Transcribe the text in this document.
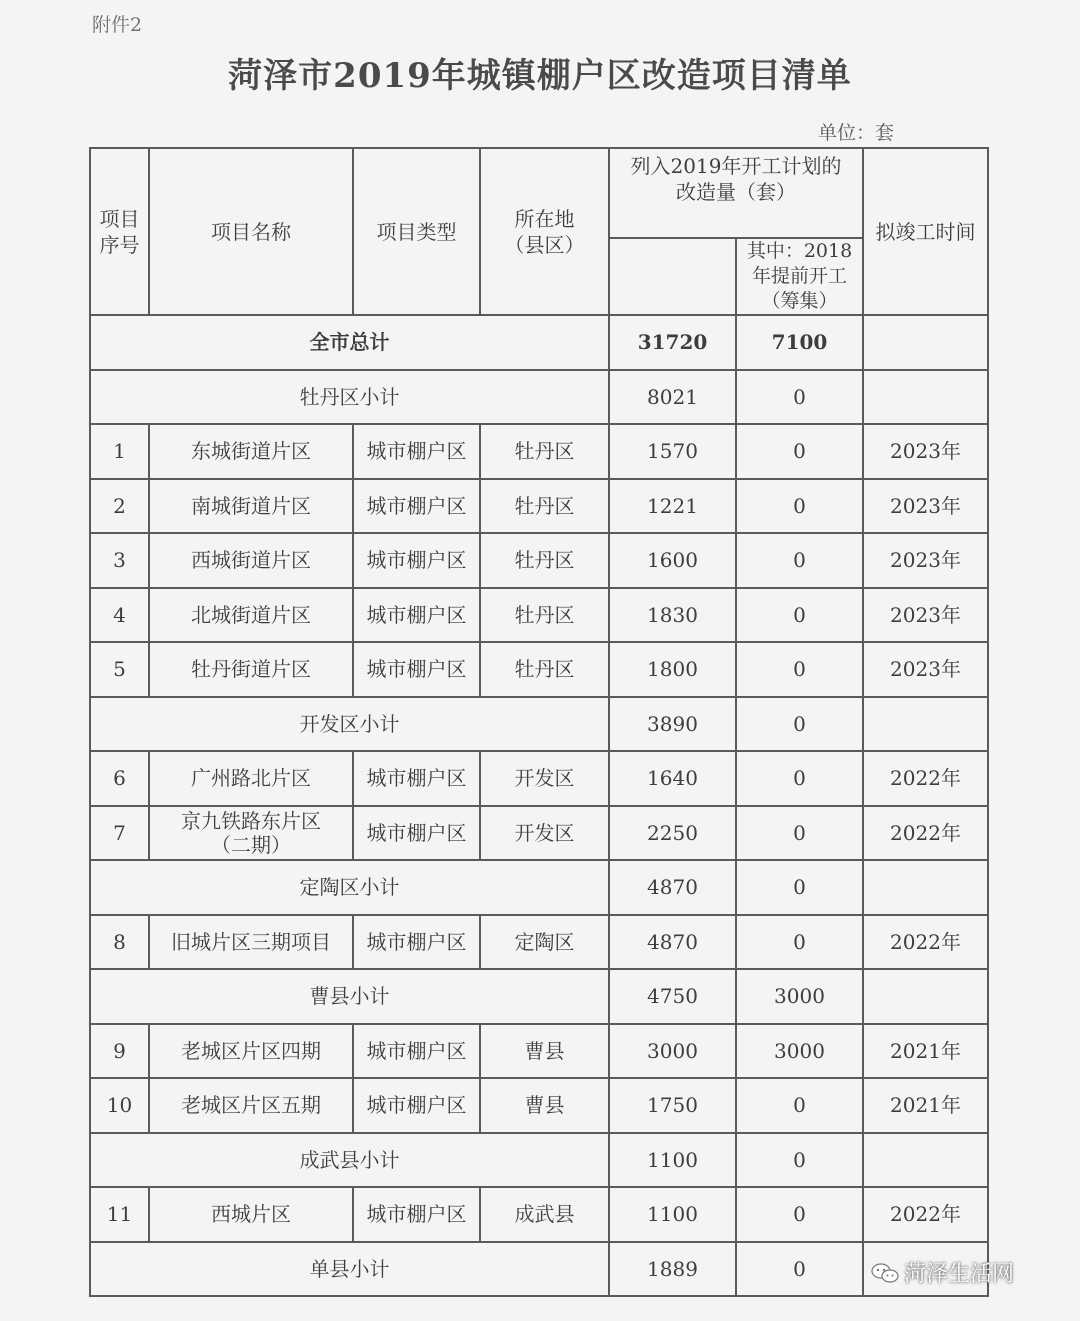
附件2
菏泽市2019年城镇棚户区改造项目清单
单位：套
项目序号	项目名称	项目类型	所在地（县区）	列入2019年开工计划的改造量（套）		拟竣工时间

					其中：2018年提前开工（筹集）	

全市总计				31720	7100	
牡丹区小计				8021	0	
1	东城街道片区	城市棚户区	牡丹区	1570	0	2023年
2	南城街道片区	城市棚户区	牡丹区	1221	0	2023年
3	西城街道片区	城市棚户区	牡丹区	1600	0	2023年
4	北城街道片区	城市棚户区	牡丹区	1830	0	2023年
5	牡丹街道片区	城市棚户区	牡丹区	1800	0	2023年
开发区小计				3890	0	
6	广州路北片区	城市棚户区	开发区	1640	0	2022年
7	京九铁路东片区（二期）	城市棚户区	开发区	2250	0	2022年
定陶区小计				4870	0	
8	旧城片区三期项目	城市棚户区	定陶区	4870	0	2022年
曹县小计				4750	3000	
9	老城区片区四期	城市棚户区	曹县	3000	3000	2021年
10	老城区片区五期	城市棚户区	曹县	1750	0	2021年
成武县小计				1100	0	
11	西城片区	城市棚户区	成武县	1100	0	2022年
单县小计				1889	0		菏泽生活网
